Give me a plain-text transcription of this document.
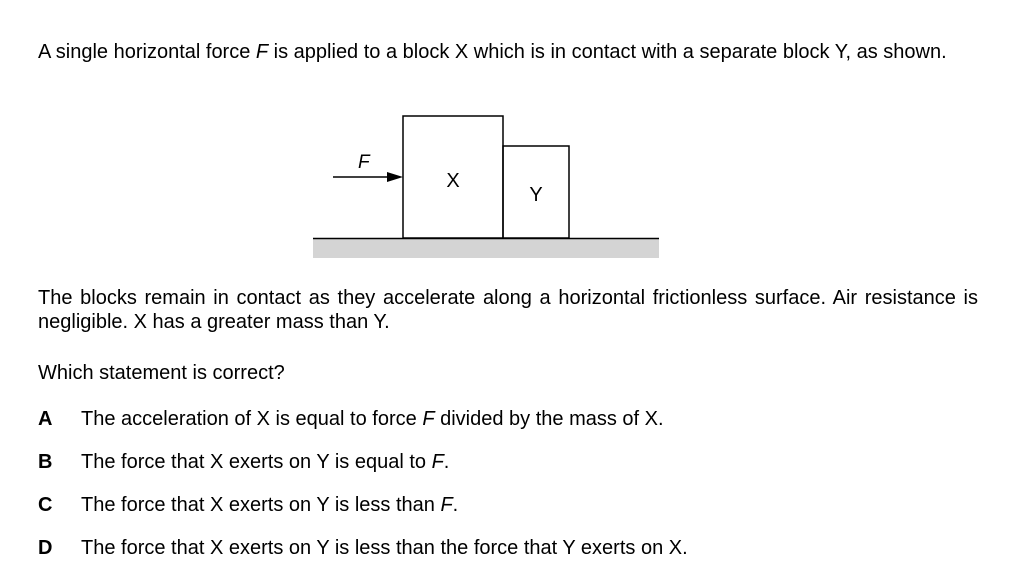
A single horizontal force F is applied to a block X which is in contact with a separate block Y, as shown.
F
X
Y
The blocks remain in contact as they accelerate along a horizontal frictionless surface. Air resistance is negligible. X has a greater mass than Y.
Which statement is correct?
A The acceleration of X is equal to force F divided by the mass of X.
B The force that X exerts on Y is equal to F.
C The force that X exerts on Y is less than F.
D The force that X exerts on Y is less than the force that Y exerts on X.
